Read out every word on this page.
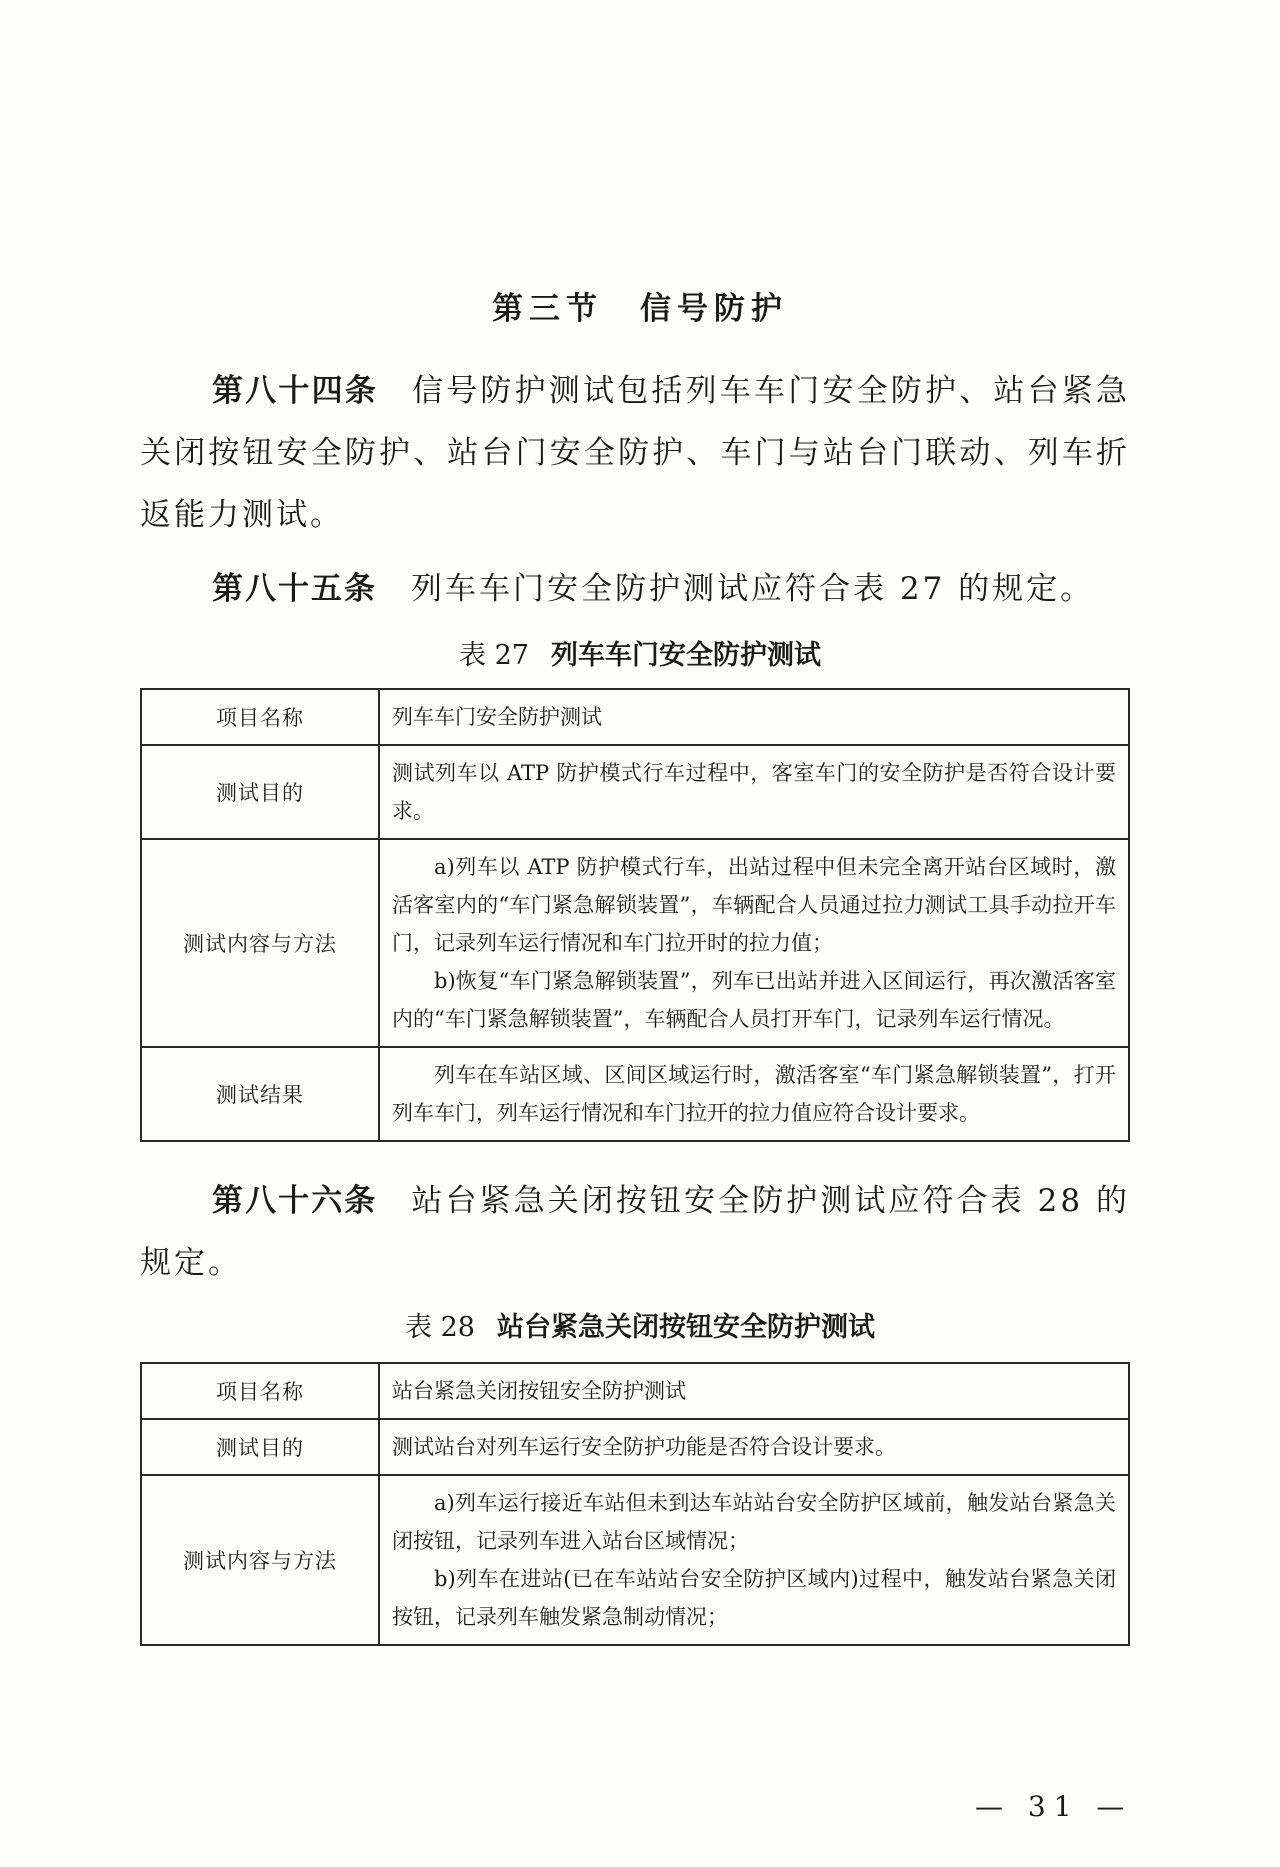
第三节　信号防护

第八十四条 信号防护测试包括列车车门安全防护、站台紧急关闭按钮安全防护、站台门安全防护、车门与站台门联动、列车折返能力测试。

第八十五条 列车车门安全防护测试应符合表 27 的规定。

表 27 列车车门安全防护测试
项目名称	列车车门安全防护测试

测试目的	测试列车以 ATP 防护模式行车过程中，客室车门的安全防护是否符合设计要求。

测试内容与方法	a)列车以 ATP 防护模式行车，出站过程中但未完全离开站台区域时，激活客室内的“车门紧急解锁装置”，车辆配合人员通过拉力测试工具手动拉开车门，记录列车运行情况和车门拉开时的拉力值；

b)恢复“车门紧急解锁装置”，列车已出站并进入区间运行，再次激活客室内的“车门紧急解锁装置”，车辆配合人员打开车门，记录列车运行情况。

测试结果	列车在车站区域、区间区域运行时，激活客室“车门紧急解锁装置”，打开列车车门，列车运行情况和车门拉开的拉力值应符合设计要求。

第八十六条 站台紧急关闭按钮安全防护测试应符合表 28 的规定。

表 28 站台紧急关闭按钮安全防护测试
项目名称	站台紧急关闭按钮安全防护测试

测试目的	测试站台对列车运行安全防护功能是否符合设计要求。

测试内容与方法	a)列车运行接近车站但未到达车站站台安全防护区域前，触发站台紧急关闭按钮，记录列车进入站台区域情况；

b)列车在进站(已在车站站台安全防护区域内)过程中，触发站台紧急关闭按钮，记录列车触发紧急制动情况；

— 31 —
